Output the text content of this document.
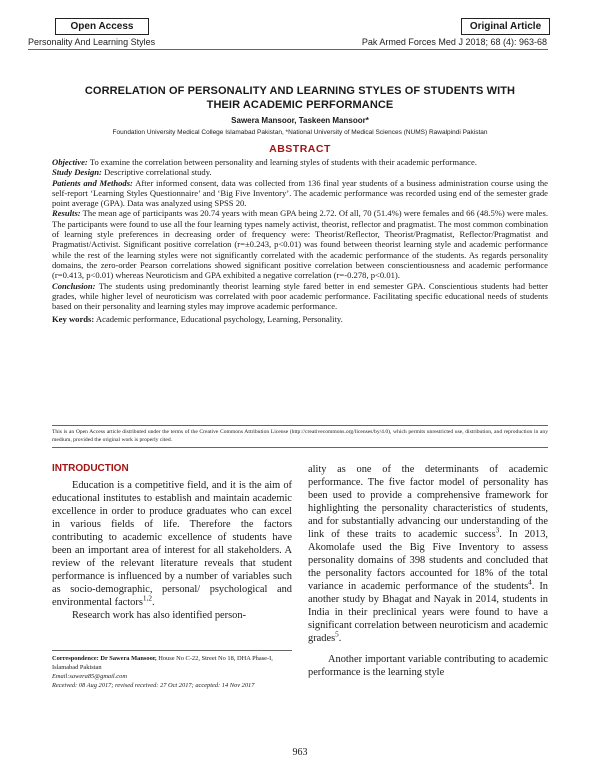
Open Access	Original Article
Personality And Learning Styles	Pak Armed Forces Med J 2018; 68 (4): 963-68
CORRELATION OF PERSONALITY AND LEARNING STYLES OF STUDENTS WITH
THEIR ACADEMIC PERFORMANCE
Sawera Mansoor, Taskeen Mansoor*
Foundation University Medical College Islamabad Pakistan, *National University of Medical Sciences (NUMS) Rawalpindi Pakistan
ABSTRACT

Objective: To examine the correlation between personality and learning styles of students with their academic performance.

Study Design: Descriptive correlational study.

Patients and Methods: After informed consent, data was collected from 136 final year students of a business administration course using the self-report ‘Learning Styles Questionnaire’ and ‘Big Five Inventory’. The academic performance was recorded using end of the semester grade point average (GPA). Data was analyzed using SPSS 20.

Results: The mean age of participants was 20.74 years with mean GPA being 2.72. Of all, 70 (51.4%) were females and 66 (48.5%) were males. The participants were found to use all the four learning types namely activist, theorist, reflector and pragmatist. The most common combination of learning style preferences in decreasing order of frequency were: Theorist/Reflector, Theorist/Pragmatist, Reflector/Pragmatist and Pragmatist/Activist. Significant positive correlation (r=±0.243, p<0.01) was found between theorist learning style and academic performance while the rest of the learning styles were not significantly correlated with the academic performance of the students. As regards personality domains, the zero-order Pearson correlations showed significant positive correlation between conscientiousness and academic performance (r=0.413, p<0.01) whereas Neuroticism and GPA exhibited a negative correlation (r=-0.278, p<0.01).

Conclusion: The students using predominantly theorist learning style fared better in end semester GPA. Conscientious students had better grades, while higher level of neuroticism was correlated with poor academic performance. Facilitating specific educational needs of students based on their personality and learning styles may improve academic performance.

Key words: Academic performance, Educational psychology, Learning, Personality.

This is an Open Access article distributed under the terms of the Creative Commons Attribution License (http://creativecommons.org/licenses/by/4.0), which permits unrestricted use, distribution, and reproduction in any medium, provided the original work is properly cited.
INTRODUCTION

Education is a competitive field, and it is the aim of educational institutes to establish and maintain academic excellence in order to produce graduates who can excel in various fields of life. Therefore the factors contributing to academic excellence of students have been an important area of interest for all stakeholders. A review of the relevant literature reveals that student performance is influenced by a number of variables such as socio-demographic, personal/ psychological and environmental factors$^{1,2}$.

Research work has also identified person-

Correspondence: Dr Sawera Mansoor, House No C-22, Street No 18, DHA Phase-I, Islamabad Pakistan
Email:sawera85@gmail.com
Received: 08 Aug 2017; revised received: 27 Oct 2017; accepted: 14 Nov 2017

ality as one of the determinants of academic performance. The five factor model of personality has been used to provide a comprehensive framework for highlighting the personality characteristics of students, and for substantially advancing our understanding of the link of these traits to academic success$^3$. In 2013, Akomolafe used the Big Five Inventory to assess personality domains of 398 students and concluded that the personality factors accounted for 18% of the total variance in academic performance of the students$^4$. In another study by Bhagat and Nayak in 2014, students in India in their preclinical years were found to have a significant correlation between neuroticism and academic grades$^5$.

Another important variable contributing to academic performance is the learning style

963
